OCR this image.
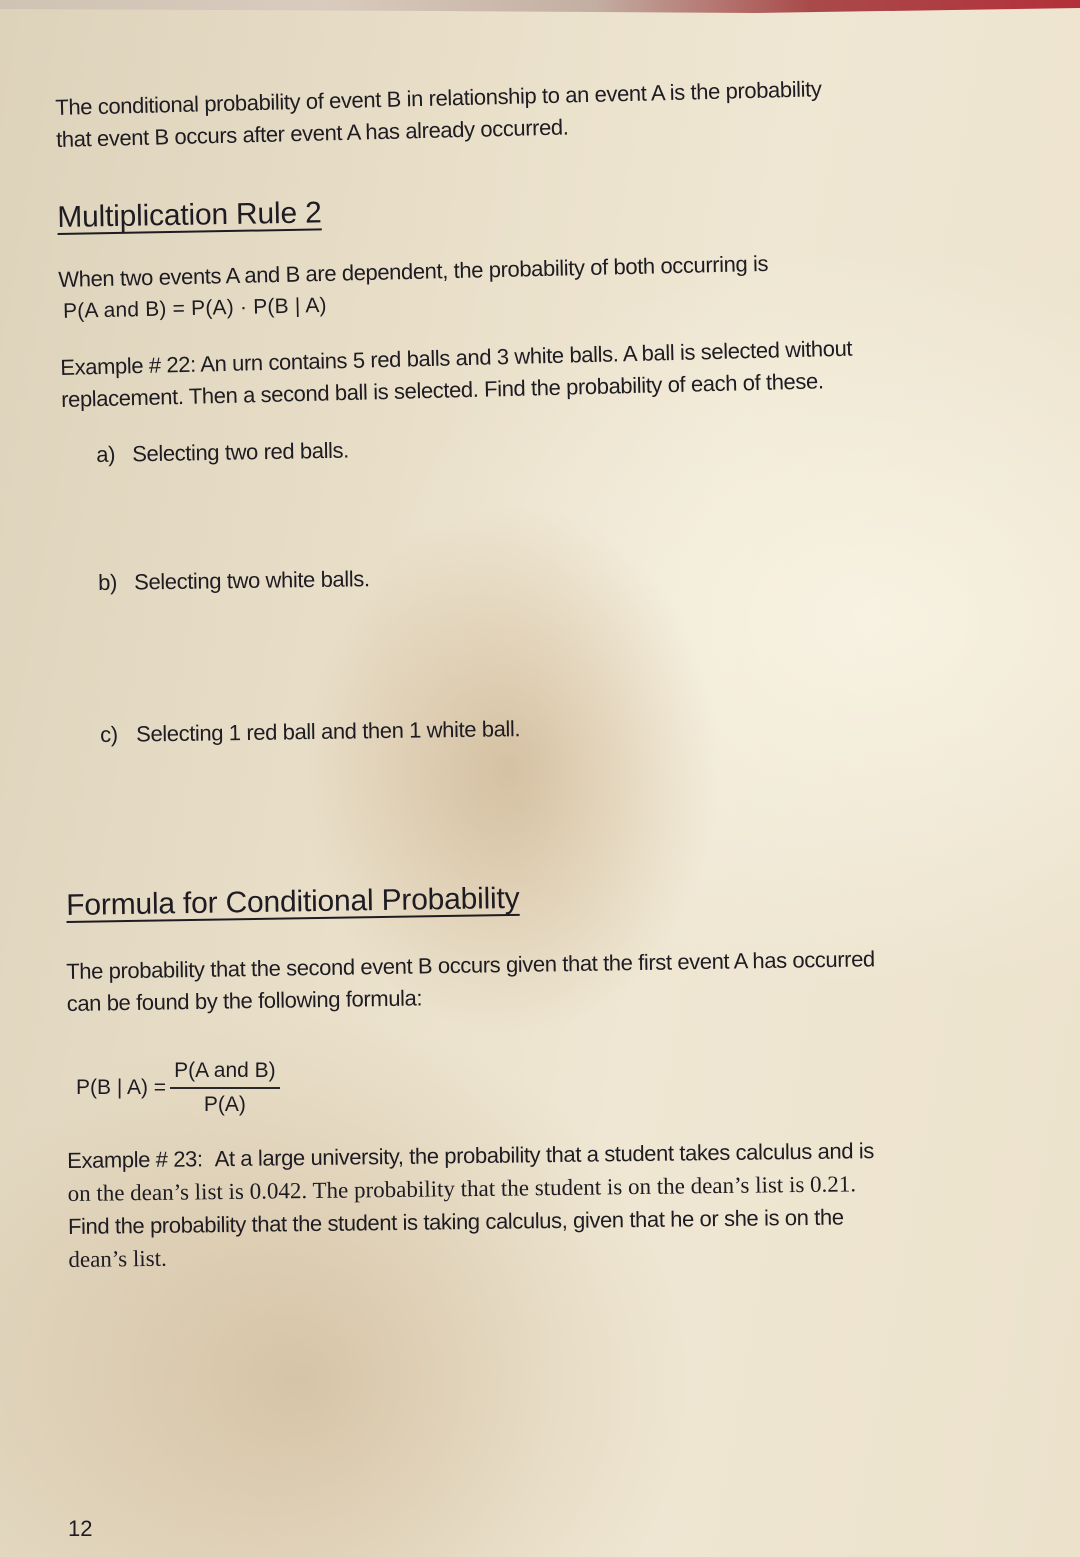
The conditional probability of event B in relationship to an event A is the probability
that event B occurs after event A has already occurred.
Multiplication Rule 2
When two events A and B are dependent, the probability of both occurring is
P(A and B) = P(A) · P(B | A)
Example # 22: An urn contains 5 red balls and 3 white balls. A ball is selected without
replacement. Then a second ball is selected. Find the probability of each of these.
a) Selecting two red balls.
b) Selecting two white balls.
c) Selecting 1 red ball and then 1 white ball.
Formula for Conditional Probability
The probability that the second event B occurs given that the first event A has occurred
can be found by the following formula:
P(B | $A) = \frac{\text{P(A and B)}}{P(A)}$
Example # 23: At a large university, the probability that a student takes calculus and is
on the dean’s list is 0.042. The probability that the student is on the dean’s list is 0.21.
Find the probability that the student is taking calculus, given that he or she is on the
dean’s list.
12
